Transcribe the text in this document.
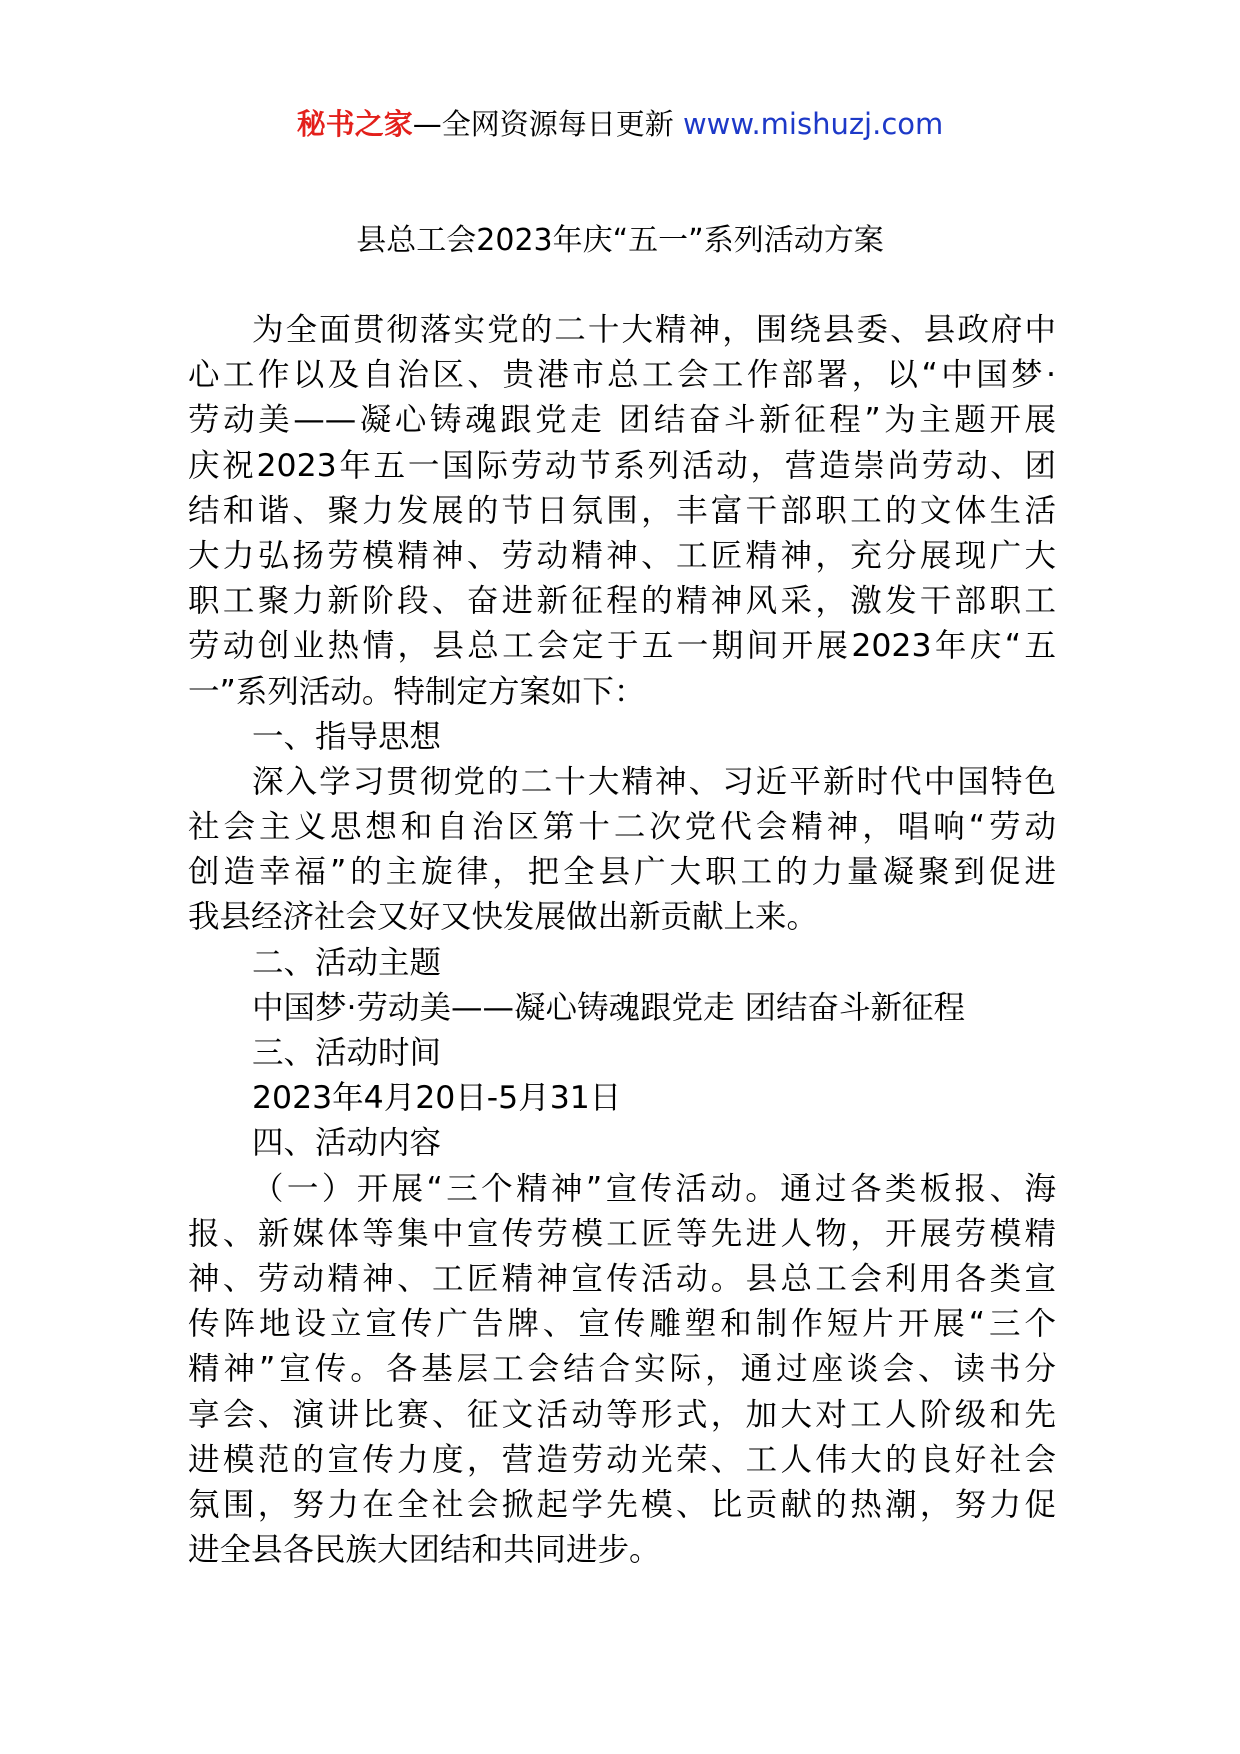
秘书之家—全网资源每日更新 www.mishuzj.com
县总工会2023年庆“五一”系列活动方案
为全面贯彻落实党的二十大精神，围绕县委、县政府中
心工作以及自治区、贵港市总工会工作部署，以“中国梦·
劳动美——凝心铸魂跟党走 团结奋斗新征程”为主题开展
庆祝2023年五一国际劳动节系列活动，营造崇尚劳动、团
结和谐、聚力发展的节日氛围，丰富干部职工的文体生活
大力弘扬劳模精神、劳动精神、工匠精神，充分展现广大
职工聚力新阶段、奋进新征程的精神风采，激发干部职工
劳动创业热情，县总工会定于五一期间开展2023年庆“五
一”系列活动。特制定方案如下：
一、指导思想
深入学习贯彻党的二十大精神、习近平新时代中国特色
社会主义思想和自治区第十二次党代会精神，唱响“劳动
创造幸福”的主旋律，把全县广大职工的力量凝聚到促进
我县经济社会又好又快发展做出新贡献上来。
二、活动主题
中国梦·劳动美——凝心铸魂跟党走 团结奋斗新征程
三、活动时间
2023年4月20日-5月31日
四、活动内容
（一）开展“三个精神”宣传活动。通过各类板报、海
报、新媒体等集中宣传劳模工匠等先进人物，开展劳模精
神、劳动精神、工匠精神宣传活动。县总工会利用各类宣
传阵地设立宣传广告牌、宣传雕塑和制作短片开展“三个
精神”宣传。各基层工会结合实际，通过座谈会、读书分
享会、演讲比赛、征文活动等形式，加大对工人阶级和先
进模范的宣传力度，营造劳动光荣、工人伟大的良好社会
氛围，努力在全社会掀起学先模、比贡献的热潮，努力促
进全县各民族大团结和共同进步。
